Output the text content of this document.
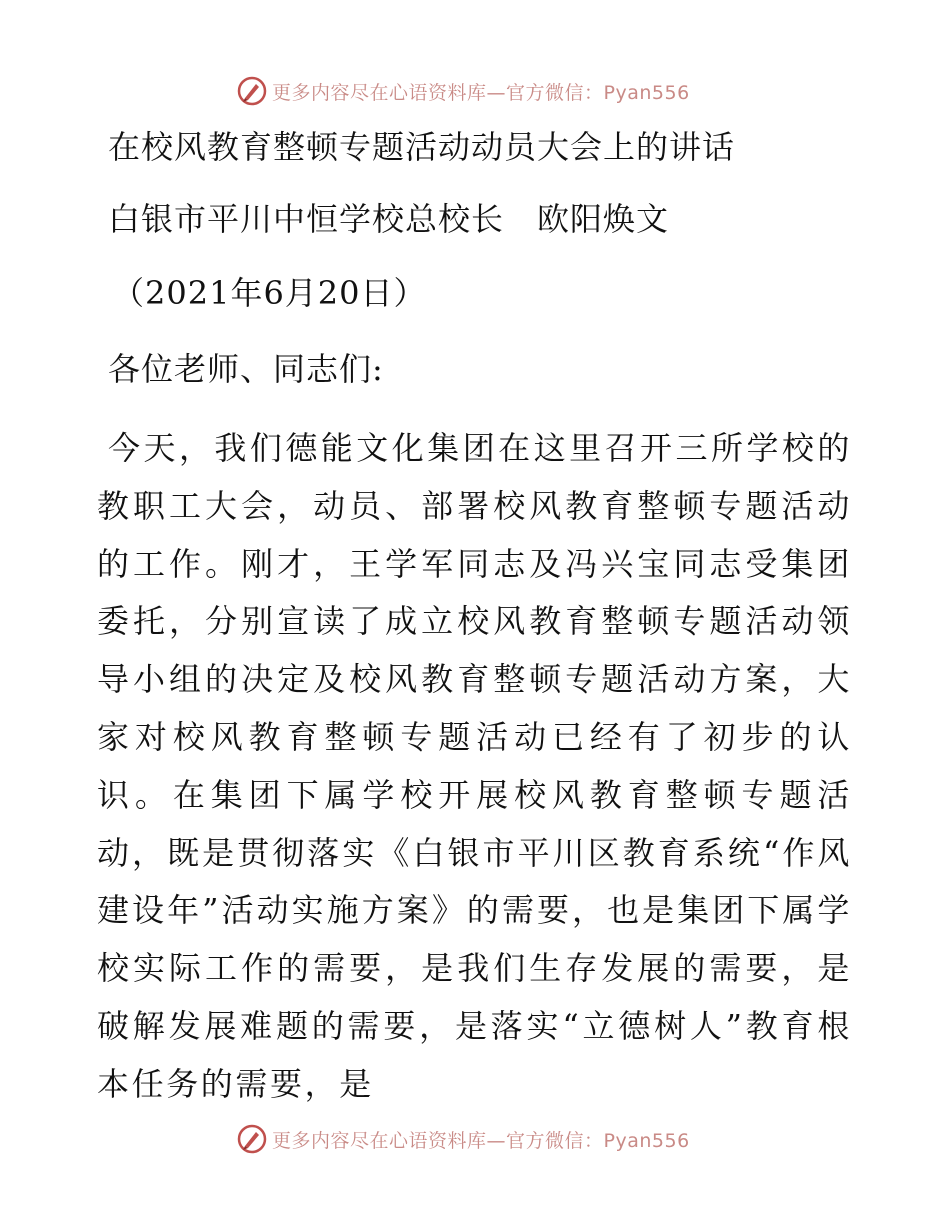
更多内容尽在心语资料库—官方微信：Pyan556
在校风教育整顿专题活动动员大会上的讲话
白银市平川中恒学校总校长　欧阳焕文
（2021年6月20日）
各位老师、同志们:

今天，我们德能文化集团在这里召开三所学校的教职工大会，动员、部署校风教育整顿专题活动的工作。刚才，王学军同志及冯兴宝同志受集团委托，分别宣读了成立校风教育整顿专题活动领导小组的决定及校风教育整顿专题活动方案，大家对校风教育整顿专题活动已经有了初步的认识。在集团下属学校开展校风教育整顿专题活动，既是贯彻落实《白银市平川区教育系统“作风建设年”活动实施方案》的需要，也是集团下属学校实际工作的需要，是我们生存发展的需要，是破解发展难题的需要，是落实“立德树人”教育根本任务的需要，是

更多内容尽在心语资料库—官方微信：Pyan556
